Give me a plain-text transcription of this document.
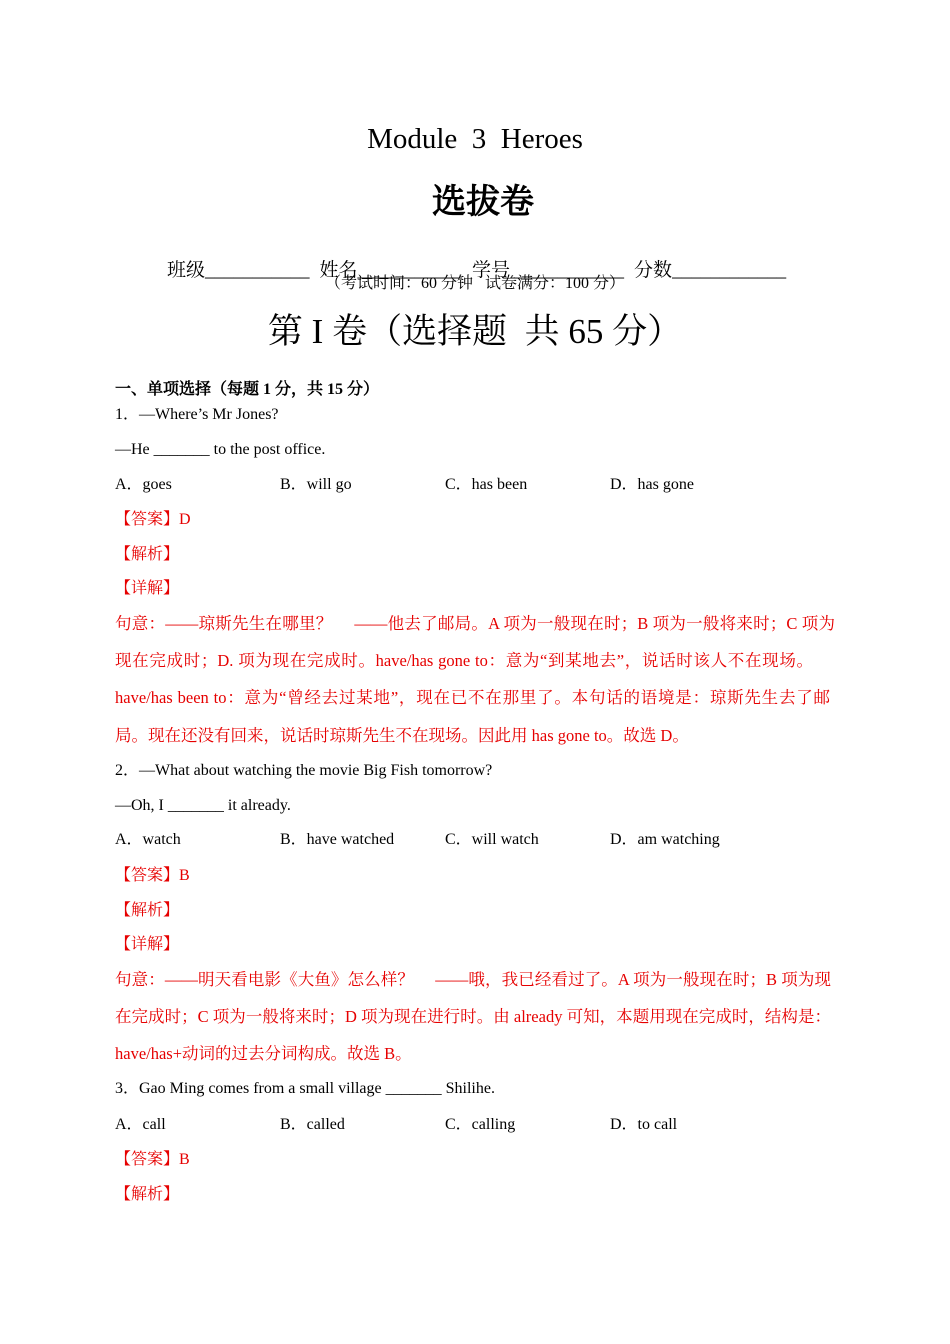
Module  3  Heroes
选拔卷

班级___________ 姓名___________ 学号____________ 分数____________

（考试时间：60 分钟   试卷满分：100 分）
第 I 卷（选择题  共 65 分）
一、单项选择（每题 1 分，共 15 分）
1．—Where’s Mr Jones?
—He _______ to the post office.
A．goes	B．will go	C．has been	D．has gone
【答案】D
【解析】
【详解】
句意：——琼斯先生在哪里？     ——他去了邮局。A 项为一般现在时；B 项为一般将来时；C 项为
现在完成时；D. 项为现在完成时。have/has gone to：意为“到某地去”，说话时该人不在现场。
have/has been to：意为“曾经去过某地”，现在已不在那里了。本句话的语境是：琼斯先生去了邮
局。现在还没有回来，说话时琼斯先生不在现场。因此用 has gone to。故选 D。
2．—What about watching the movie Big Fish tomorrow?
—Oh, I _______ it already.
A．watch	B．have watched	C．will watch	D．am watching
【答案】B
【解析】
【详解】
句意：——明天看电影《大鱼》怎么样？     ——哦，我已经看过了。A 项为一般现在时；B 项为现
在完成时；C 项为一般将来时；D 项为现在进行时。由 already 可知，本题用现在完成时，结构是：
have/has+动词的过去分词构成。故选 B。
3．Gao Ming comes from a small village _______ Shilihe.
A．call	B．called	C．calling	D．to call
【答案】B
【解析】
